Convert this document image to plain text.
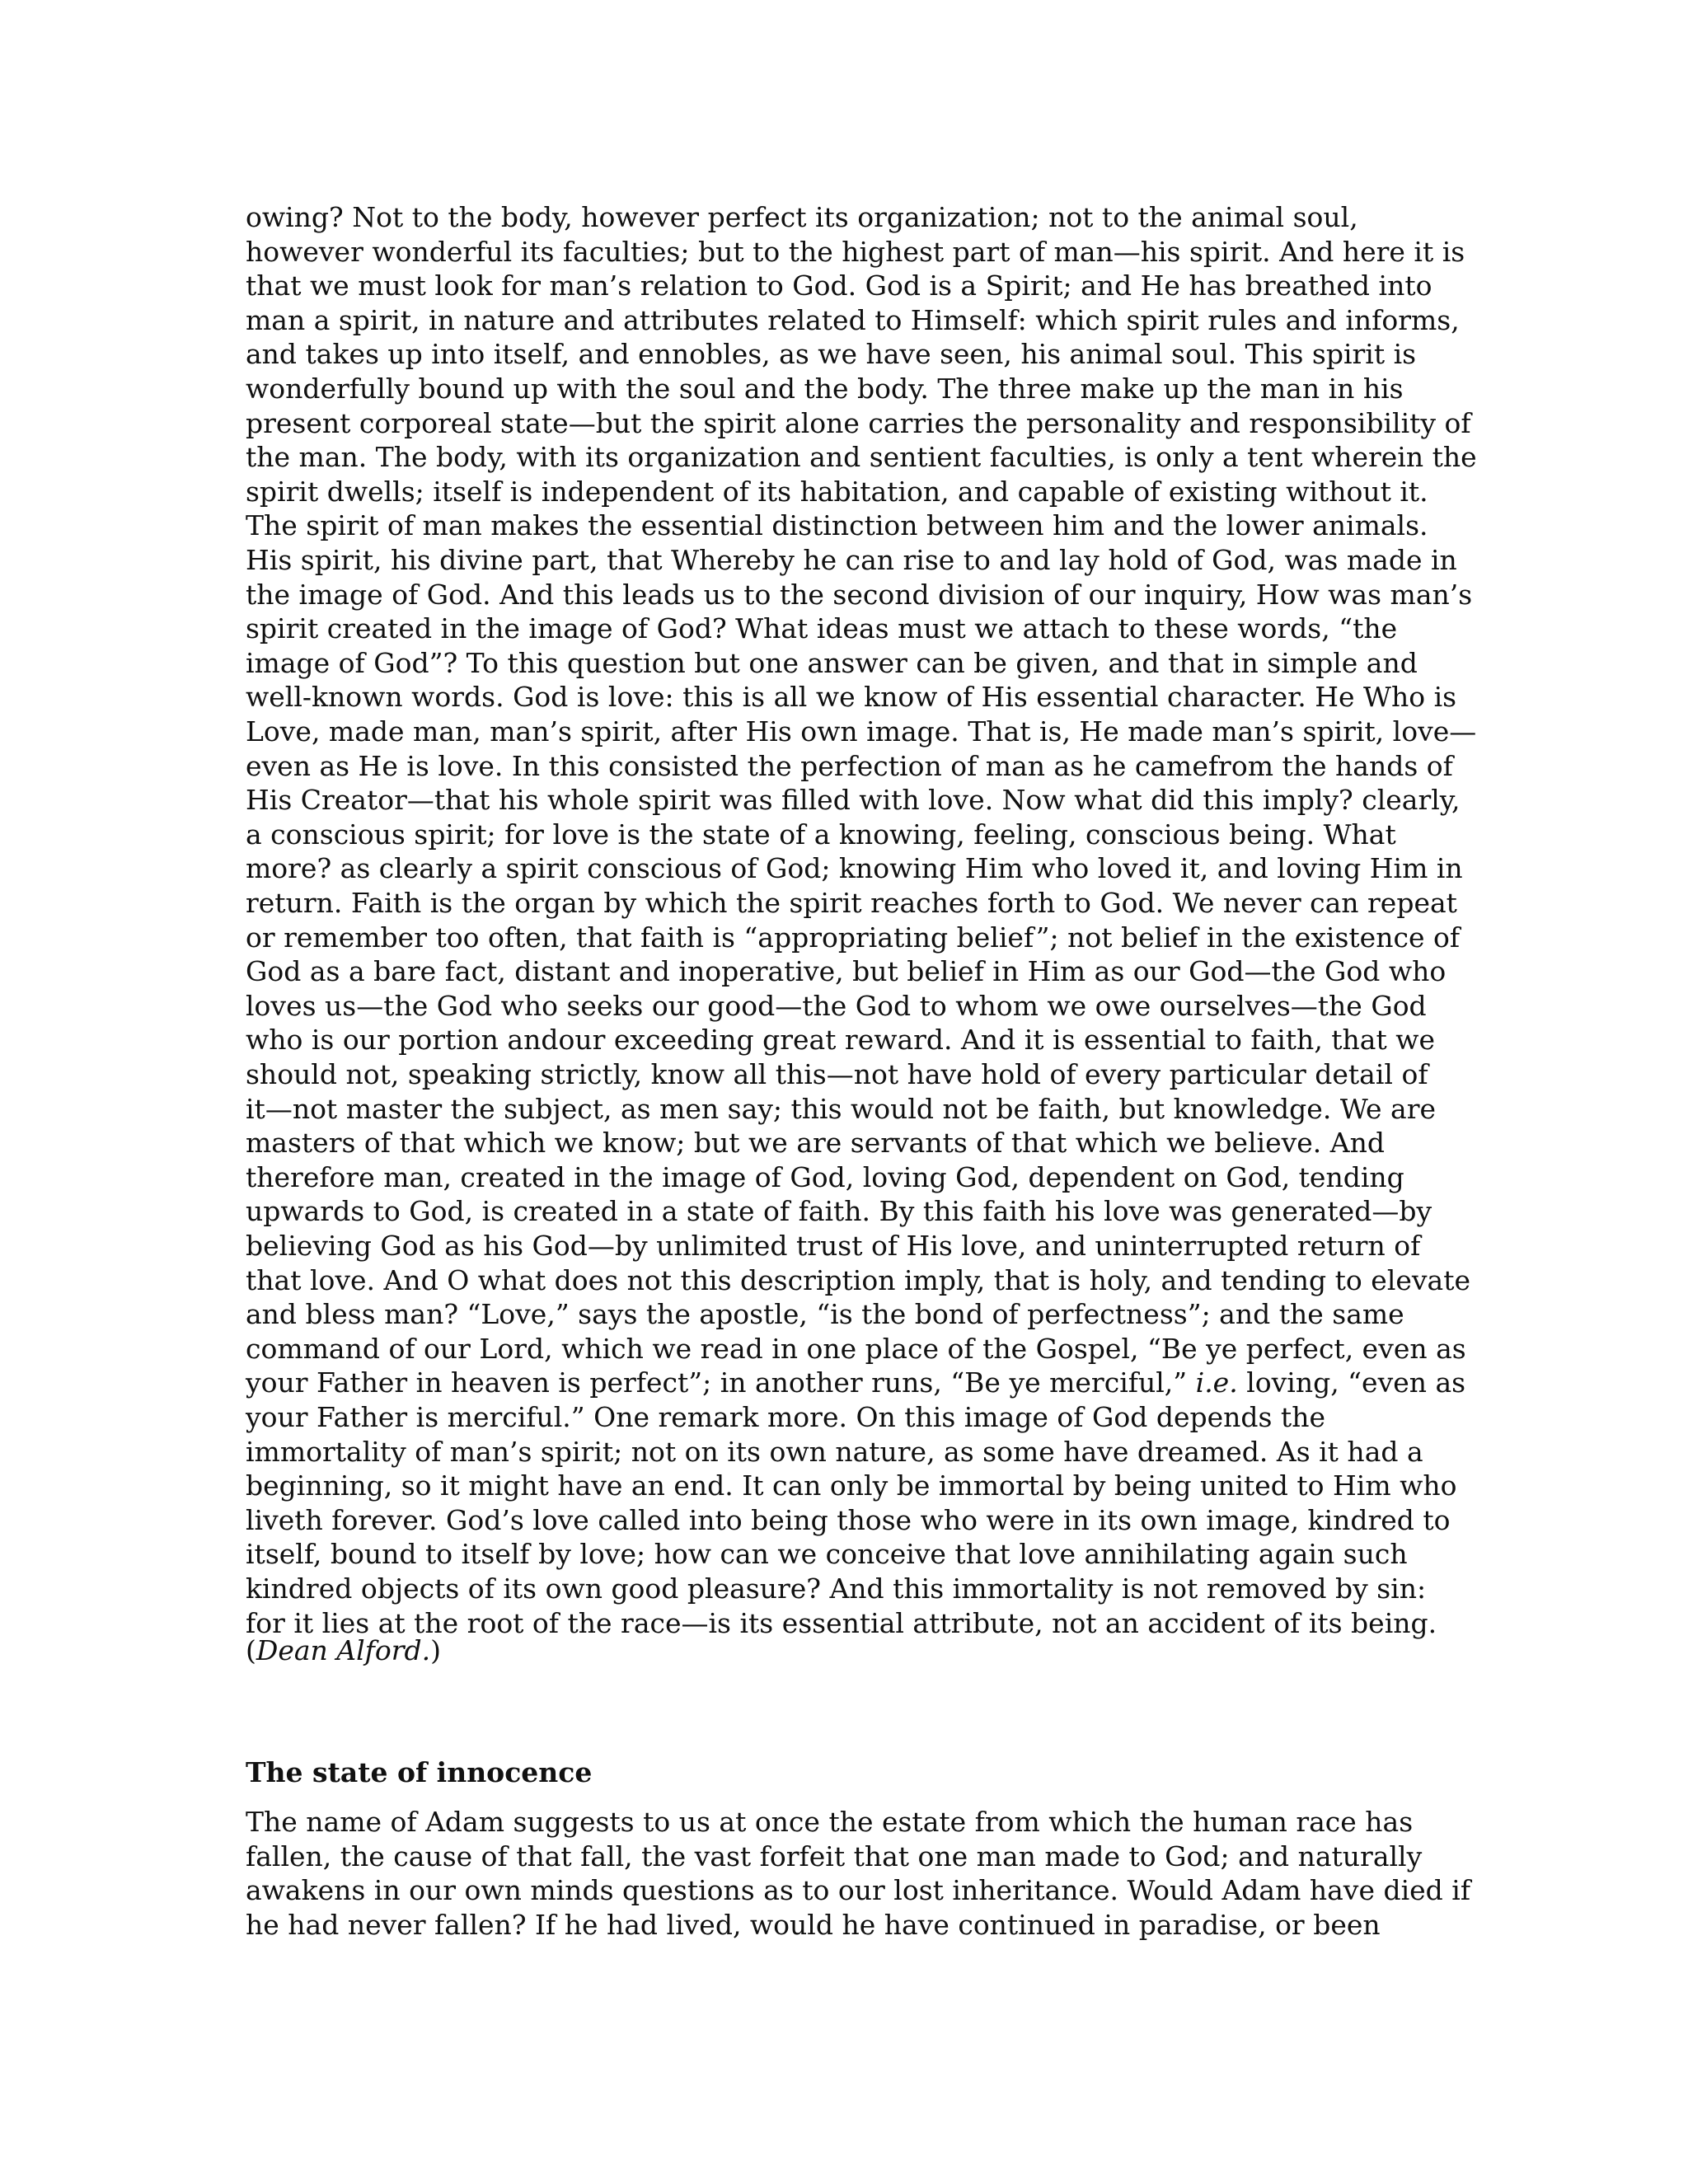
owing? Not to the body, however perfect its organization; not to the animal soul,

however wonderful its faculties; but to the highest part of man—his spirit. And here it is

that we must look for man’s relation to God. God is a Spirit; and He has breathed into

man a spirit, in nature and attributes related to Himself: which spirit rules and informs,

and takes up into itself, and ennobles, as we have seen, his animal soul. This spirit is

wonderfully bound up with the soul and the body. The three make up the man in his

present corporeal state—but the spirit alone carries the personality and responsibility of

the man. The body, with its organization and sentient faculties, is only a tent wherein the

spirit dwells; itself is independent of its habitation, and capable of existing without it.

The spirit of man makes the essential distinction between him and the lower animals.

His spirit, his divine part, that Whereby he can rise to and lay hold of God, was made in

the image of God. And this leads us to the second division of our inquiry, How was man’s

spirit created in the image of God? What ideas must we attach to these words, “the

image of God”? To this question but one answer can be given, and that in simple and

well-known words. God is love: this is all we know of His essential character. He Who is

Love, made man, man’s spirit, after His own image. That is, He made man’s spirit, love—

even as He is love. In this consisted the perfection of man as he camefrom the hands of

His Creator—that his whole spirit was filled with love. Now what did this imply? clearly,

a conscious spirit; for love is the state of a knowing, feeling, conscious being. What

more? as clearly a spirit conscious of God; knowing Him who loved it, and loving Him in

return. Faith is the organ by which the spirit reaches forth to God. We never can repeat

or remember too often, that faith is “appropriating belief”; not belief in the existence of

God as a bare fact, distant and inoperative, but belief in Him as our God—the God who

loves us—the God who seeks our good—the God to whom we owe ourselves—the God

who is our portion andour exceeding great reward. And it is essential to faith, that we

should not, speaking strictly, know all this—not have hold of every particular detail of

it—not master the subject, as men say; this would not be faith, but knowledge. We are

masters of that which we know; but we are servants of that which we believe. And

therefore man, created in the image of God, loving God, dependent on God, tending

upwards to God, is created in a state of faith. By this faith his love was generated—by

believing God as his God—by unlimited trust of His love, and uninterrupted return of

that love. And O what does not this description imply, that is holy, and tending to elevate

and bless man? “Love,” says the apostle, “is the bond of perfectness”; and the same

command of our Lord, which we read in one place of the Gospel, “Be ye perfect, even as

your Father in heaven is perfect”; in another runs, “Be ye merciful,” i.e. loving, “even as

your Father is merciful.” One remark more. On this image of God depends the

immortality of man’s spirit; not on its own nature, as some have dreamed. As it had a

beginning, so it might have an end. It can only be immortal by being united to Him who

liveth forever. God’s love called into being those who were in its own image, kindred to

itself, bound to itself by love; how can we conceive that love annihilating again such

kindred objects of its own good pleasure? And this immortality is not removed by sin:

for it lies at the root of the race—is its essential attribute, not an accident of its being.

(Dean Alford.)

The state of innocence

The name of Adam suggests to us at once the estate from which the human race has

fallen, the cause of that fall, the vast forfeit that one man made to God; and naturally

awakens in our own minds questions as to our lost inheritance. Would Adam have died if

he had never fallen? If he had lived, would he have continued in paradise, or been
